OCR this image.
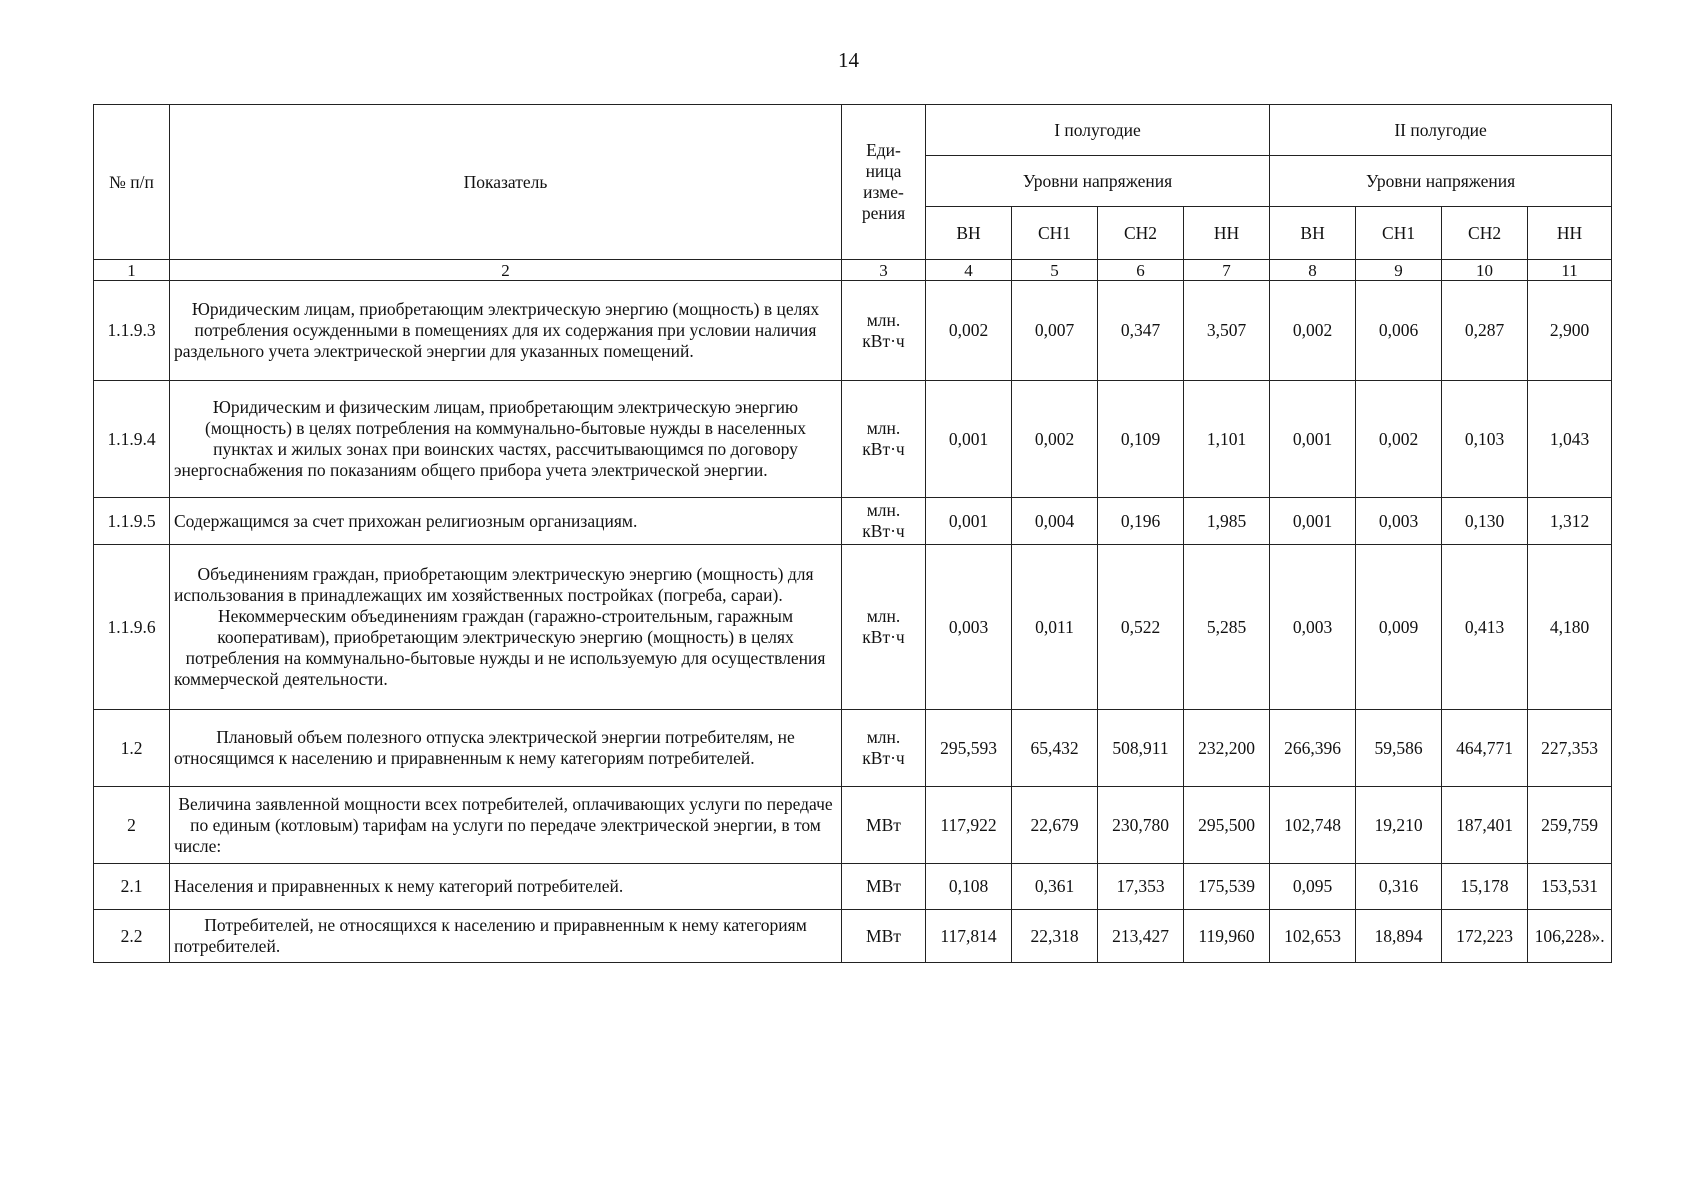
14
№ п/п	Показатель	Еди-
ница
изме-
рения	I полугодие				II полугодие			
			Уровни напряжения				Уровни напряжения			
			ВН	СН1	СН2	НН	ВН	СН1	СН2	НН
1	2	3	4	5	6	7	8	9	10	11
1.1.9.3	Юридическим лицам, приобретающим электрическую энергию (мощность) в целях потребления осужденными в помещениях для их содержания при условии наличия раздельного учета электрической энергии для указанных помещений.	млн. кВт·ч	0,002	0,007	0,347	3,507	0,002	0,006	0,287	2,900
1.1.9.4	Юридическим и физическим лицам, приобретающим электрическую энергию (мощность) в целях потребления на коммунально-бытовые нужды в населенных пунктах и жилых зонах при воинских частях, рассчитывающимся по договору энергоснабжения по показаниям общего прибора учета электрической энергии.	млн. кВт·ч	0,001	0,002	0,109	1,101	0,001	0,002	0,103	1,043
1.1.9.5	Содержащимся за счет прихожан религиозным организациям.	млн. кВт·ч	0,001	0,004	0,196	1,985	0,001	0,003	0,130	1,312
1.1.9.6	Объединениям граждан, приобретающим электрическую энергию (мощность) для использования в принадлежащих им хозяйственных постройках (погреба, сараи).
Некоммерческим объединениям граждан (гаражно-строительным, гаражным кооперативам), приобретающим электрическую энергию (мощность) в целях потребления на коммунально-бытовые нужды и не используемую для осуществления коммерческой деятельности.	млн. кВт·ч	0,003	0,011	0,522	5,285	0,003	0,009	0,413	4,180
1.2	Плановый объем полезного отпуска электрической энергии потребителям, не относящимся к населению и приравненным к нему категориям потребителей.	млн. кВт·ч	295,593	65,432	508,911	232,200	266,396	59,586	464,771	227,353
2	Величина заявленной мощности всех потребителей, оплачивающих услуги по передаче по единым (котловым) тарифам на услуги по передаче электрической энергии, в том числе:	МВт	117,922	22,679	230,780	295,500	102,748	19,210	187,401	259,759
2.1	Населения и приравненных к нему категорий потребителей.	МВт	0,108	0,361	17,353	175,539	0,095	0,316	15,178	153,531
2.2	Потребителей, не относящихся к населению и приравненным к нему категориям потребителей.	МВт	117,814	22,318	213,427	119,960	102,653	18,894	172,223	106,228».
